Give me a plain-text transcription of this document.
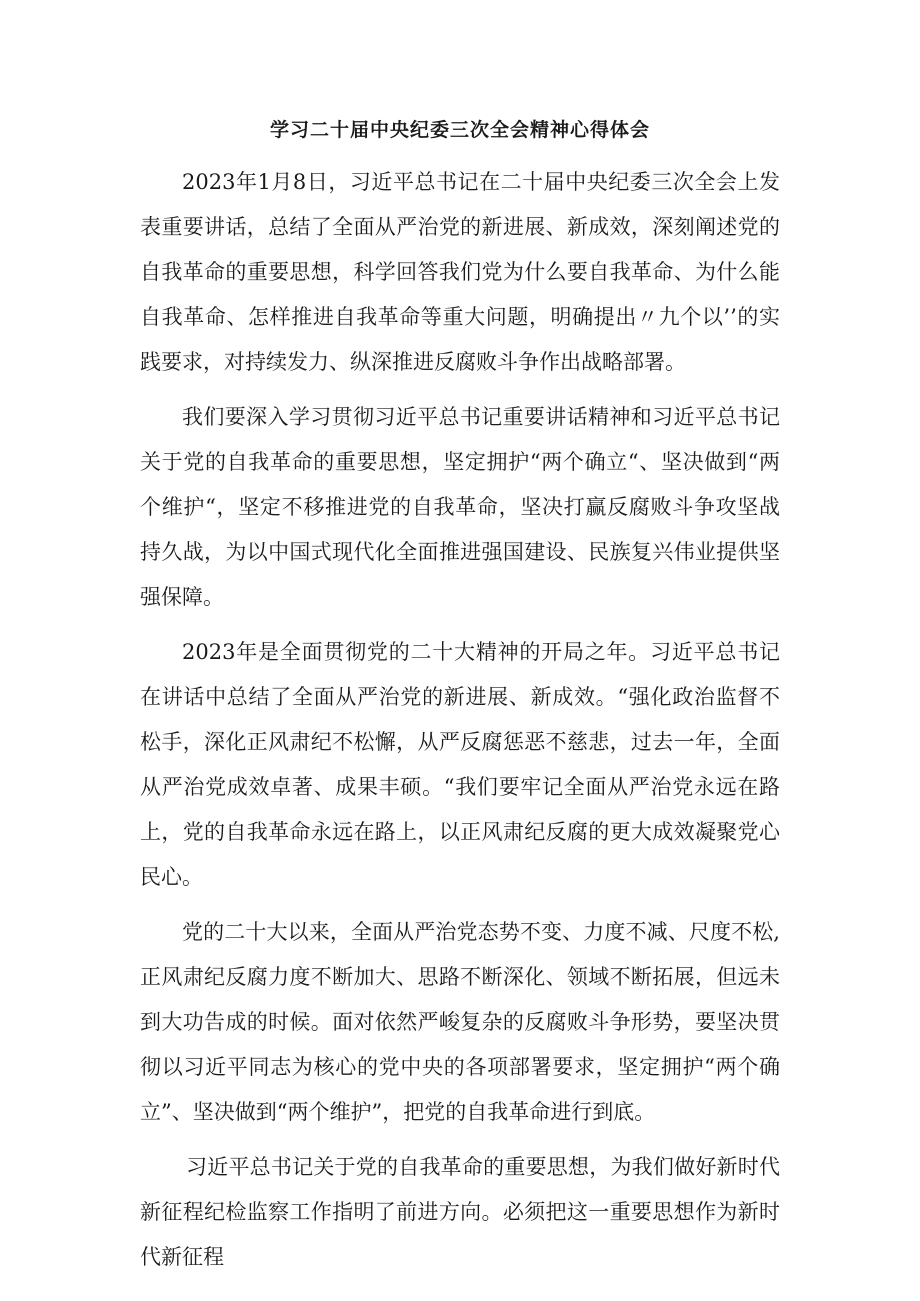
学习二十届中央纪委三次全会精神心得体会

2023年1月8日，习近平总书记在二十届中央纪委三次全会上发表重要讲话，总结了全面从严治党的新进展、新成效，深刻阐述党的自我革命的重要思想，科学回答我们党为什么要自我革命、为什么能自我革命、怎样推进自我革命等重大问题，明确提出〃九个以’’的实践要求，对持续发力、纵深推进反腐败斗争作出战略部署。

我们要深入学习贯彻习近平总书记重要讲话精神和习近平总书记关于党的自我革命的重要思想，坚定拥护“两个确立“、坚决做到“两个维护“，坚定不移推进党的自我革命，坚决打赢反腐败斗争攻坚战持久战，为以中国式现代化全面推进强国建设、民族复兴伟业提供坚强保障。

2023年是全面贯彻党的二十大精神的开局之年。习近平总书记在讲话中总结了全面从严治党的新进展、新成效。“强化政治监督不松手，深化正风肃纪不松懈，从严反腐惩恶不慈悲，过去一年，全面从严治党成效卓著、成果丰硕。“我们要牢记全面从严治党永远在路上，党的自我革命永远在路上，以正风肃纪反腐的更大成效凝聚党心民心。

党的二十大以来，全面从严治党态势不变、力度不减、尺度不松,正风肃纪反腐力度不断加大、思路不断深化、领域不断拓展，但远未到大功告成的时候。面对依然严峻复杂的反腐败斗争形势，要坚决贯彻以习近平同志为核心的党中央的各项部署要求，坚定拥护“两个确立”、坚决做到“两个维护”，把党的自我革命进行到底。

习近平总书记关于党的自我革命的重要思想，为我们做好新时代新征程纪检监察工作指明了前进方向。必须把这一重要思想作为新时代新征程
